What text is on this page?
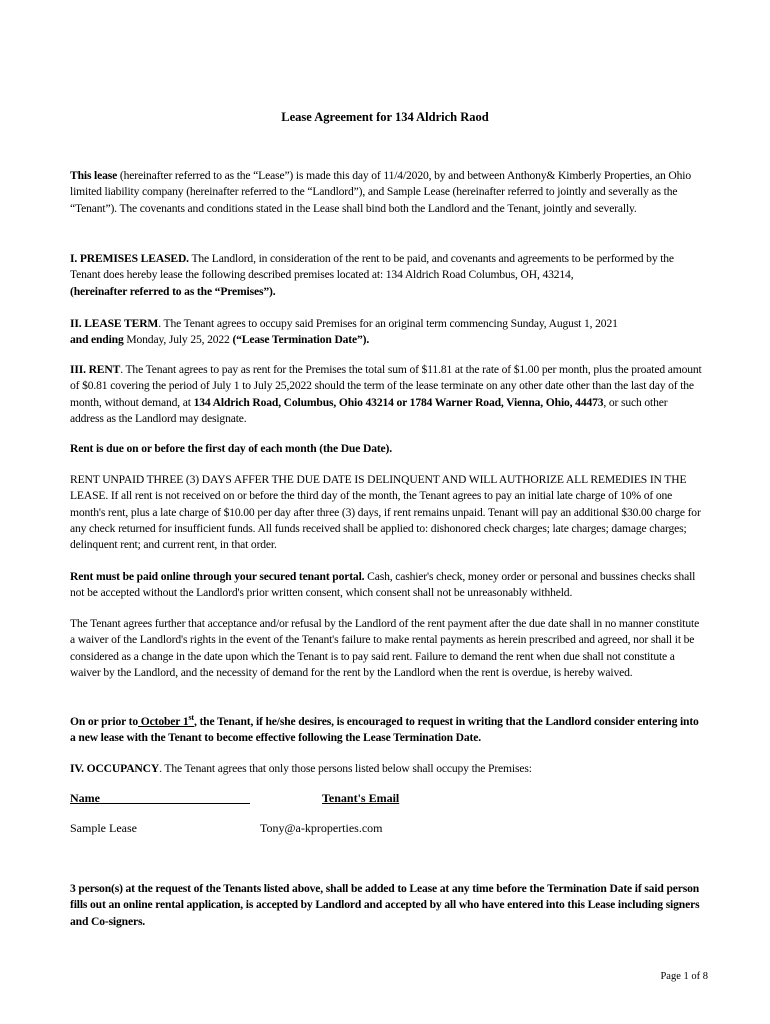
Lease Agreement for 134 Aldrich Raod

This lease (hereinafter referred to as the “Lease”) is made this day of 11/4/2020, by and between Anthony& Kimberly Properties, an Ohio limited liability company (hereinafter referred to the “Landlord”), and Sample Lease (hereinafter referred to jointly and severally as the “Tenant”). The covenants and conditions stated in the Lease shall bind both the Landlord and the Tenant, jointly and severally.

I. PREMISES LEASED. The Landlord, in consideration of the rent to be paid, and covenants and agreements to be performed by the Tenant does hereby lease the following described premises located at: 134 Aldrich Road Columbus, OH, 43214,
(hereinafter referred to as the “Premises”).

II. LEASE TERM. The Tenant agrees to occupy said Premises for an original term commencing Sunday, August 1, 2021
and ending Monday, July 25, 2022 (“Lease Termination Date”).

III. RENT. The Tenant agrees to pay as rent for the Premises the total sum of $11.81 at the rate of $1.00 per month, plus the proated amount of $0.81 covering the period of July 1 to July 25,2022 should the term of the lease terminate on any other date other than the last day of the month, without demand, at 134 Aldrich Road, Columbus, Ohio 43214 or 1784 Warner Road, Vienna, Ohio, 44473, or such other address as the Landlord may designate.

Rent is due on or before the first day of each month (the Due Date).

RENT UNPAID THREE (3) DAYS AFFER THE DUE DATE IS DELINQUENT AND WILL AUTHORIZE ALL REMEDIES IN THE LEASE. If all rent is not received on or before the third day of the month, the Tenant agrees to pay an initial late charge of 10% of one month's rent, plus a late charge of $10.00 per day after three (3) days, if rent remains unpaid. Tenant will pay an additional $30.00 charge for any check returned for insufficient funds. All funds received shall be applied to: dishonored check charges; late charges; damage charges; delinquent rent; and current rent, in that order.

Rent must be paid online through your secured tenant portal. Cash, cashier's check, money order or personal and bussines checks shall not be accepted without the Landlord's prior written consent, which consent shall not be unreasonably withheld.

The Tenant agrees further that acceptance and/or refusal by the Landlord of the rent payment after the due date shall in no manner constitute a waiver of the Landlord's rights in the event of the Tenant's failure to make rental payments as herein prescribed and agreed, nor shall it be considered as a change in the date upon which the Tenant is to pay said rent. Failure to demand the rent when due shall not constitute a waiver by the Landlord, and the necessity of demand for the rent by the Landlord when the rent is overdue, is hereby waived.

On or prior to October 1st, the Tenant, if he/she desires, is encouraged to request in writing that the Landlord consider entering into a new lease with the Tenant to become effective following the Lease Termination Date.

IV. OCCUPANCY. The Tenant agrees that only those persons listed below shall occupy the Premises:

Name	Tenant's Email
Sample Lease	Tony@a-kproperties.com

3 person(s) at the request of the Tenants listed above, shall be added to Lease at any time before the Termination Date if said person fills out an online rental application, is accepted by Landlord and accepted by all who have entered into this Lease including signers and Co-signers.

Page 1 of 8
